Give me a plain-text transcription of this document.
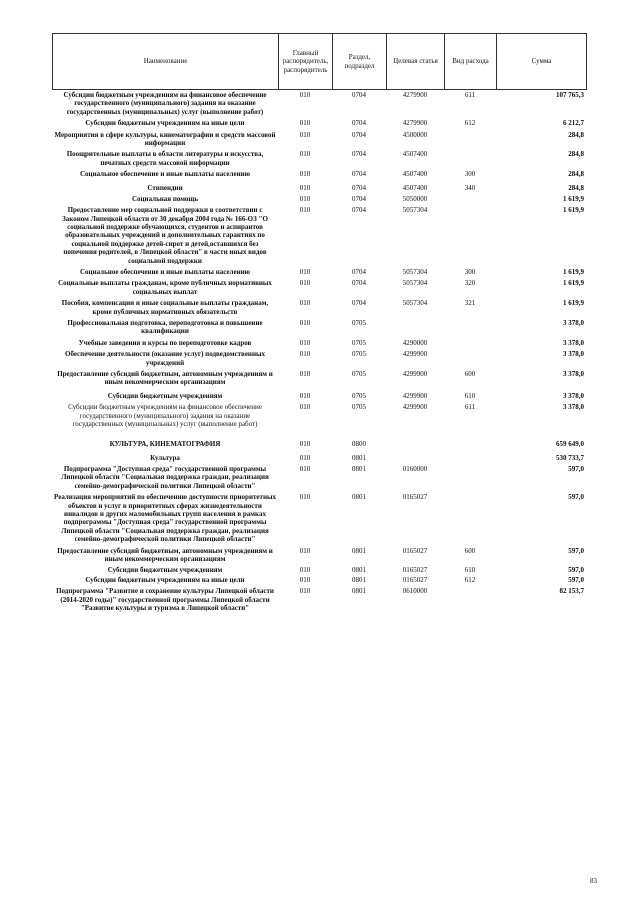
Наименование	Главный распорядитель, распорядитель	Раздел, подраздел	Целевая статья	Вид расхода	Сумма
Субсидии бюджетным учреждениям на финансовое обеспечение государственного (муниципального) задания на оказание государственных (муниципальных) услуг (выполнение работ)	010	0704	4279900	611	107 765,3
Субсидии бюджетным учреждениям на иные цели	010	0704	4279900	612	6 212,7
Мероприятия в сфере культуры, кинематографии и средств массовой информации	010	0704	4500000		284,8
Поощрительные выплаты в области литературы и искусства, печатных средств массовой информации	010	0704	4507400		284,8
Социальное обеспечение и иные выплаты населению	010	0704	4507400	300	284,8
Стипендии	010	0704	4507400	340	284,8
Социальная помощь	010	0704	5050000		1 619,9
Предоставление мер социальной поддержки в соответствии с Законом Липецкой области от 30 декабря 2004 года № 166-ОЗ "О социальной поддержке обучающихся, студентов и аспирантов образовательных учреждений и дополнительных гарантиях по социальной поддержке детей-сирот и детей,оставшихся без попечения родителей, в Липецкой области" в части иных видов социальной поддержки	010	0704	5057304		1 619,9
Социальное обеспечение и иные выплаты населению	010	0704	5057304	300	1 619,9
Социальные выплаты гражданам, кроме публичных нормативных социальных выплат	010	0704	5057304	320	1 619,9
Пособия, компенсации и иные социальные выплаты гражданам, кроме публичных нормативных обязательств	010	0704	5057304	321	1 619,9
Профессиональная подготовка, переподготовка и повышение квалификации	010	0705			3 378,0
Учебные заведения и курсы по переподготовке кадров	010	0705	4290000		3 378,0
Обеспечение деятельности (оказание услуг) подведомственных учреждений	010	0705	4299900		3 378,0
Предоставление субсидий бюджетным, автономным учреждениям и иным некоммерческим организациям	010	0705	4299900	600	3 378,0
Субсидии бюджетным учреждениям	010	0705	4299900	610	3 378,0
Субсидии бюджетным учреждениям на финансовое обеспечение государственного (муниципального) задания на оказание государственных (муниципальных) услуг (выполнение работ)	010	0705	4299900	611	3 378,0
КУЛЬТУРА, КИНЕМАТОГРАФИЯ	010	0800			659 649,0
Культура	010	0801			530 733,7
Подпрограмма "Доступная среда" государственной программы Липецкой области "Социальная поддержка граждан, реализация семейно-демографической политики Липецкой области"	010	0801	0160000		597,0
Реализация мероприятий по обеспечению доступности приоритетных объектов и услуг в приоритетных сферах жизнедеятельности инвалидов и других маломобильных групп населения в рамках подпрограммы "Доступная среда" государственной программы Липецкой области "Социальная поддержка граждан, реализация семейно-демографической политики Липецкой области"	010	0801	0165027		597,0
Предоставление субсидий бюджетным, автономным учреждениям и иным некоммерческим организациям	010	0801	0165027	600	597,0
Субсидии бюджетным учреждениям	010	0801	0165027	610	597,0
Субсидии бюджетным учреждениям на иные цели	010	0801	0165027	612	597,0
Подпрограмма "Развитие и сохранение культуры Липецкой области (2014-2020 годы)" государственной программы Липецкой области "Развитие культуры и туризма в Липецкой области"	010	0801	0610000		82 153,7
83
